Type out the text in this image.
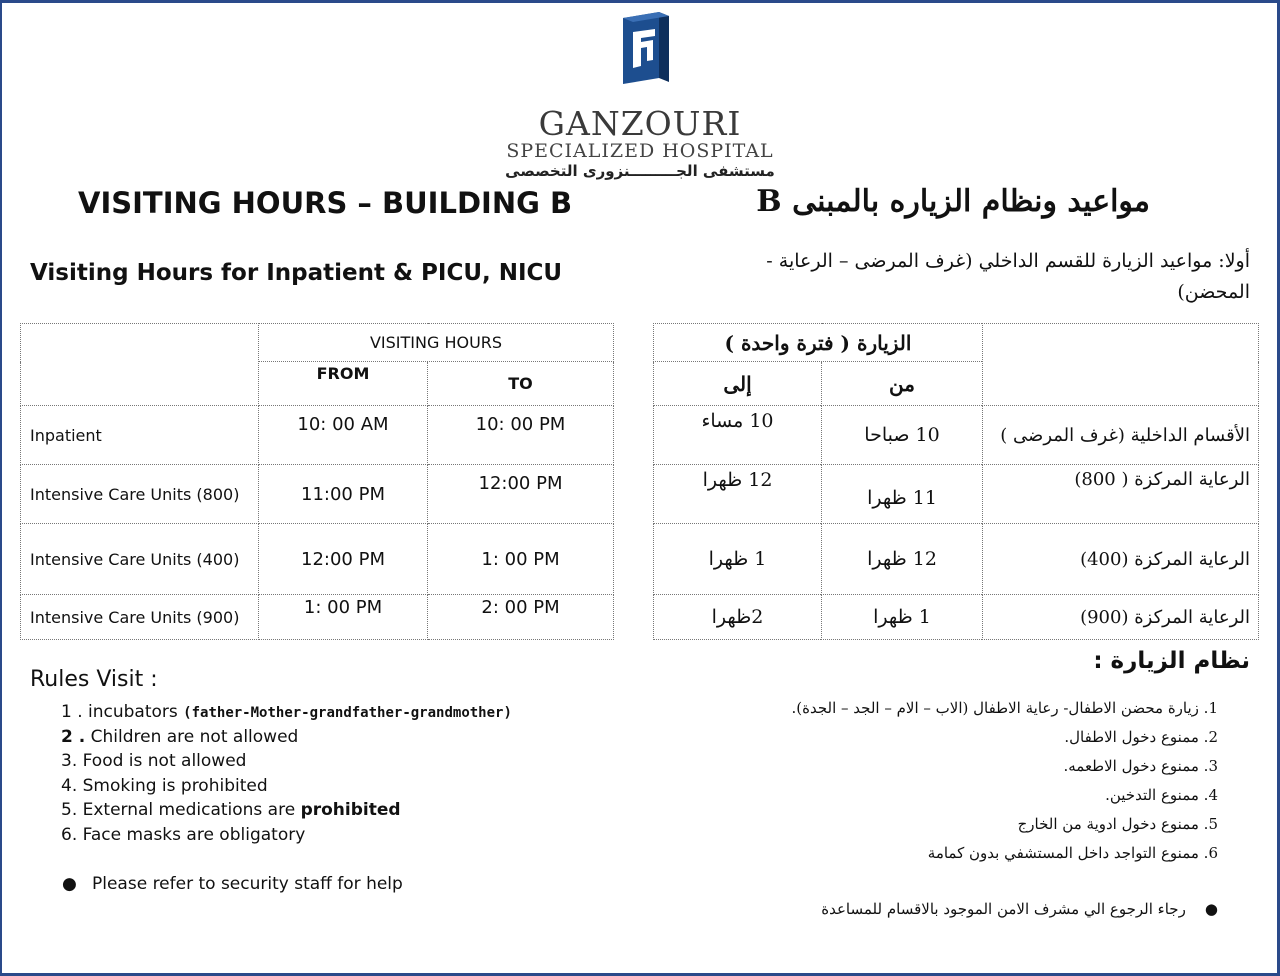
GANZOURI
SPECIALIZED HOSPITAL
مستشفى الجـــــــــنزورى التخصصى
VISITING HOURS – BUILDING B	مواعيد ونظام الزياره بالمبنى B
Visiting Hours for Inpatient & PICU, NICU	أولا: مواعيد الزيارة للقسم الداخلي (غرف المرضى – الرعاية - المحضن)
	VISITING HOURS	
	FROM	TO
Inpatient	10: 00 AM	10: 00 PM
Intensive Care Units (800)	11:00 PM	12:00 PM
Intensive Care Units (400)	12:00 PM	1: 00 PM
Intensive Care Units (900)	1: 00 PM	2: 00 PM
	الزيارة ( فترة واحدة )	
	من	إلى
الأقسام الداخلية (غرف المرضى )	10 صباحا	10 مساء
الرعاية المركزة ( 800)	11 ظهرا	12 ظهرا
الرعاية المركزة (400)	12 ظهرا	1 ظهرا
الرعاية المركزة (900)	1 ظهرا	2ظهرا
Rules Visit :
1 . incubators (father-Mother-grandfather-grandmother)
2 . Children are not allowed
3. Food is not allowed
4. Smoking is prohibited
5. External medications are prohibited
6. Face masks are obligatory
● Please refer to security staff for help
نظام الزيارة :
1. زيارة محضن الاطفال- رعاية الاطفال (الاب – الام – الجد – الجدة).
2. ممنوع دخول الاطفال.
3. ممنوع دخول الاطعمه.
4. ممنوع التدخين.
5. ممنوع دخول ادوية من الخارج
6. ممنوع التواجد داخل المستشفي بدون كمامة
●    رجاء الرجوع الي مشرف الامن الموجود بالاقسام للمساعدة
